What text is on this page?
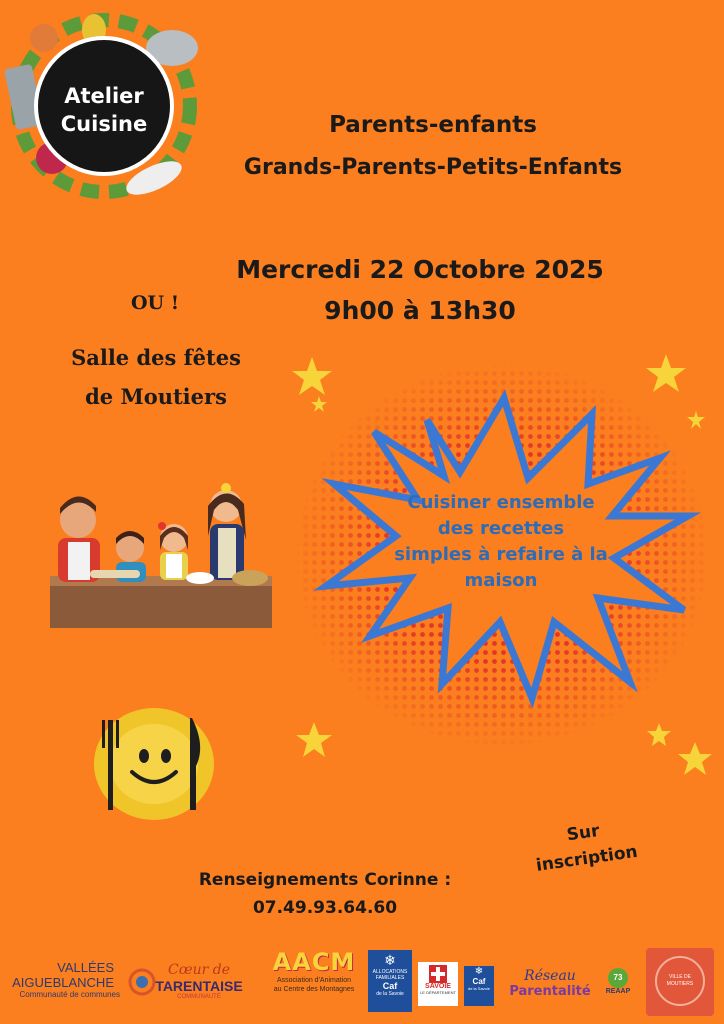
Atelier
Cuisine	Parents-enfants
Grands-Parents-Petits-Enfants
Mercredi 22 Octobre 2025
9h00 à 13h30
OU !
Salle des fêtes
de Moutiers
Cuisiner ensemble
des recettes
simples à refaire à la
maison
Sur
inscription
Renseignements Corinne :
07.49.93.64.60
VALLÉES
AIGUEBLANCHE
Communauté de communes
Cœur de
TARENTAISE
COMMUNAUTÉ
AACM
Association d'Animation
au Centre des Montagnes
❄
ALLOCATIONS
FAMILIALES
Caf
de la Savoie
SAVOIE
LE DÉPARTEMENT
❄
Caf
de la Savoie
Réseau
Parentalité
73
REAAP
VILLE DE MOUTIERS
